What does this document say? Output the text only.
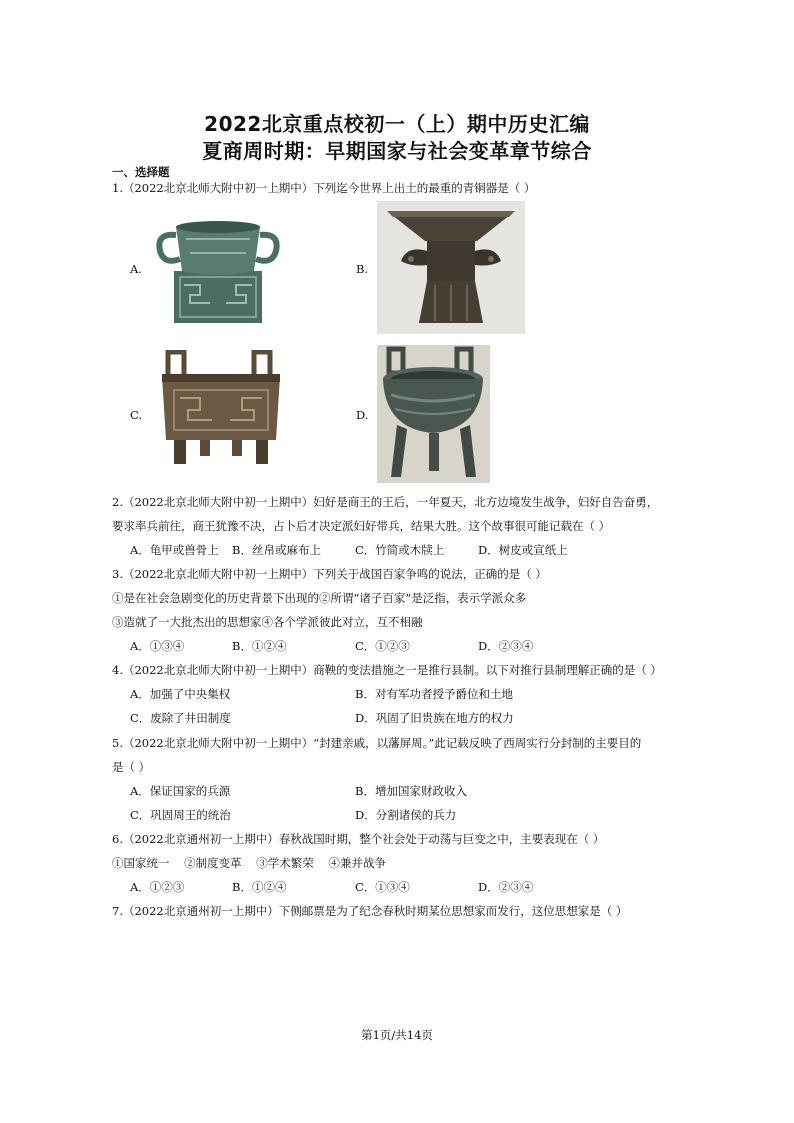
2022北京重点校初一（上）期中历史汇编
夏商周时期：早期国家与社会变革章节综合
一、选择题
1.（2022北京北师大附中初一上期中）下列迄今世界上出土的最重的青铜器是（ ）
A.	B.
C.	D.
2.（2022北京北师大附中初一上期中）妇好是商王的王后，一年夏天，北方边境发生战争，妇好自告奋勇，
要求率兵前往，商王犹豫不决，占卜后才决定派妇好带兵，结果大胜。这个故事很可能记载在（ ）
A．龟甲或兽骨上 B．丝帛或麻布上	C．竹简或木牍上	D．树皮或宣纸上
3.（2022北京北师大附中初一上期中）下列关于战国百家争鸣的说法，正确的是（ ）
①是在社会急剧变化的历史背景下出现的②所谓“诸子百家”是泛指，表示学派众多
③造就了一大批杰出的思想家④各个学派彼此对立，互不相融
A．①③④	B．①②④	C．①②③	D．②③④
4.（2022北京北师大附中初一上期中）商鞅的变法措施之一是推行县制。以下对推行县制理解正确的是（ ）
A．加强了中央集权	B．对有军功者授予爵位和土地
C．废除了井田制度	D．巩固了旧贵族在地方的权力
5.（2022北京北师大附中初一上期中）“封建亲戚，以藩屏周。”此记载反映了西周实行分封制的主要目的
是（ ）
A．保证国家的兵源	B．增加国家财政收入
C．巩固周王的统治	D．分割诸侯的兵力
6.（2022北京通州初一上期中）春秋战国时期，整个社会处于动荡与巨变之中，主要表现在（ ）
①国家统一    ②制度变革    ③学术繁荣    ④兼并战争
A．①②③	B．①②④	C．①③④	D．②③④
7.（2022北京通州初一上期中）下侧邮票是为了纪念春秋时期某位思想家而发行，这位思想家是（ ）
第1页/共14页
